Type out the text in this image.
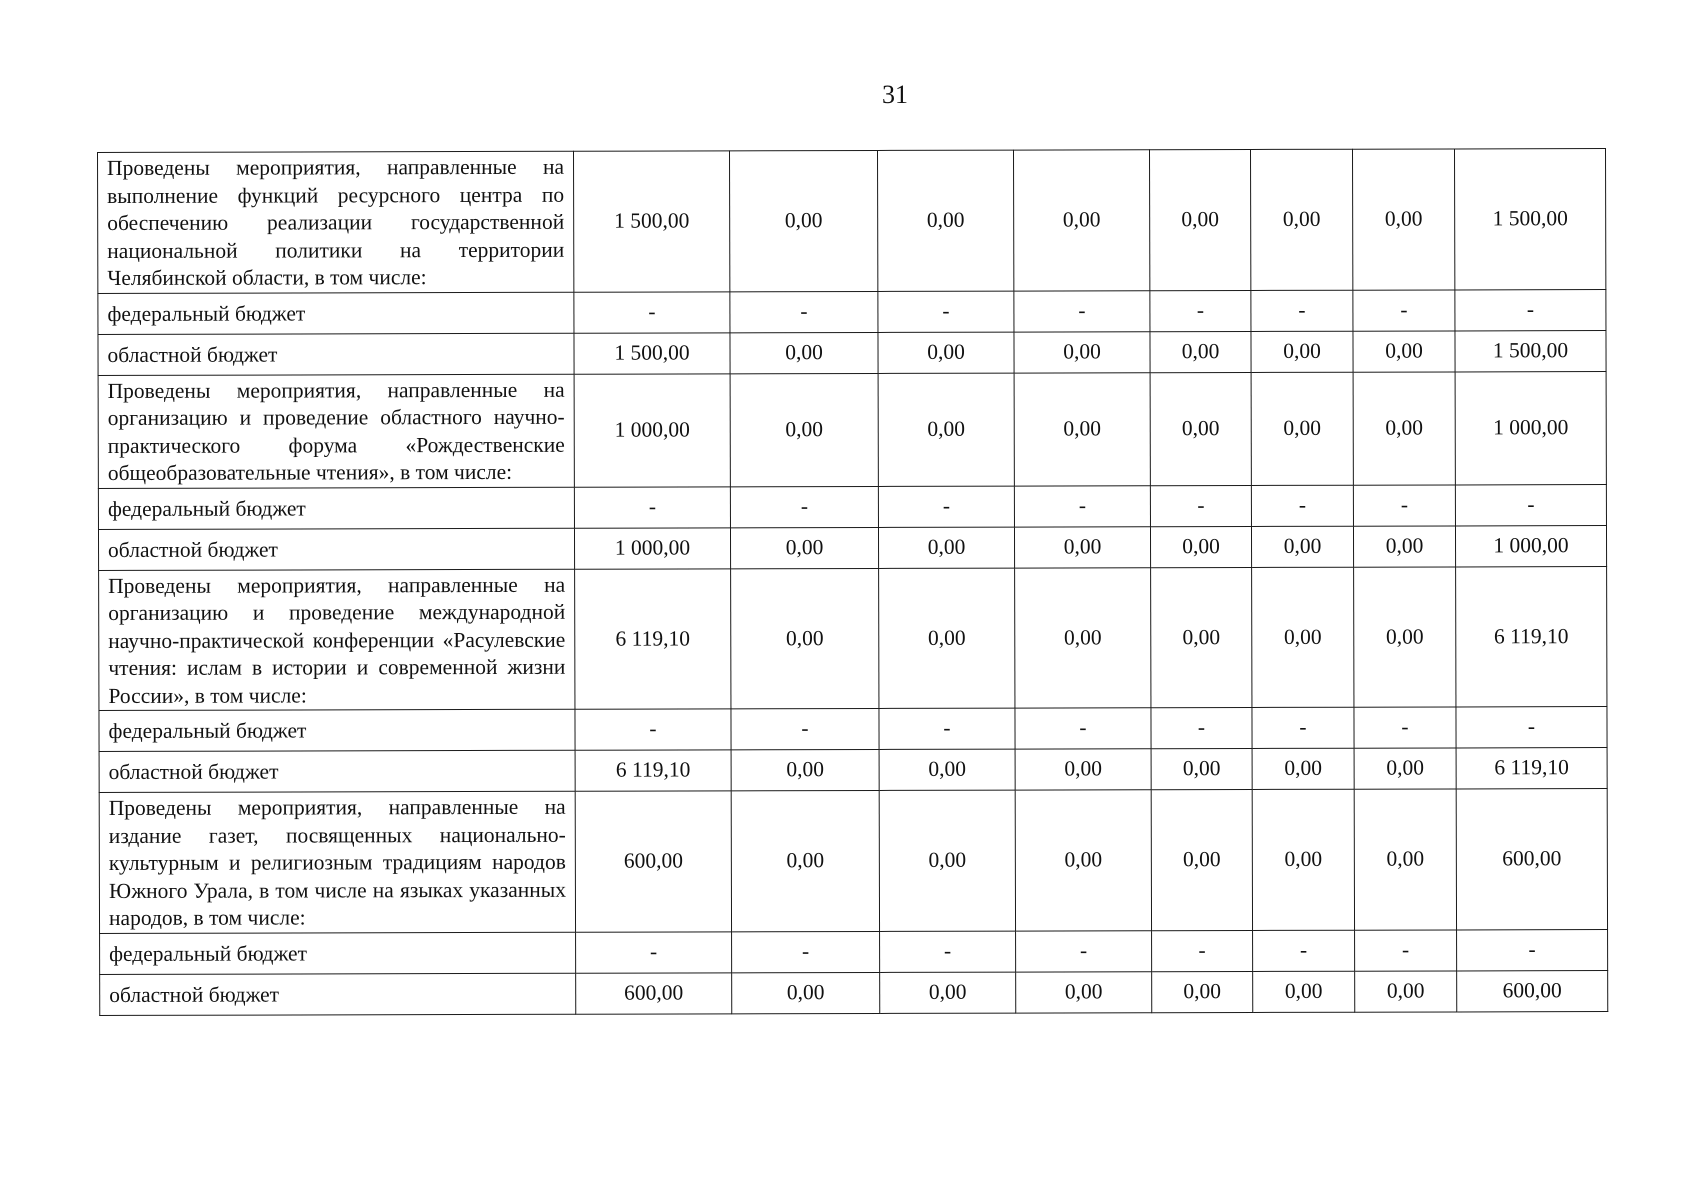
31
Проведены мероприятия, направленные на выполнение функций ресурсного центра по обеспечению реализации государственной национальной политики на территории Челябинской области, в том числе:	1 500,00	0,00	0,00	0,00	0,00	0,00	0,00	1 500,00
федеральный бюджет	-	-	-	-	-	-	-	-
областной бюджет	1 500,00	0,00	0,00	0,00	0,00	0,00	0,00	1 500,00
Проведены мероприятия, направленные на организацию и проведение областного научно-практического форума «Рождественские общеобразовательные чтения», в том числе:	1 000,00	0,00	0,00	0,00	0,00	0,00	0,00	1 000,00
федеральный бюджет	-	-	-	-	-	-	-	-
областной бюджет	1 000,00	0,00	0,00	0,00	0,00	0,00	0,00	1 000,00
Проведены мероприятия, направленные на организацию и проведение международной научно-практической конференции «Расулевские чтения: ислам в истории и современной жизни России», в том числе:	6 119,10	0,00	0,00	0,00	0,00	0,00	0,00	6 119,10
федеральный бюджет	-	-	-	-	-	-	-	-
областной бюджет	6 119,10	0,00	0,00	0,00	0,00	0,00	0,00	6 119,10
Проведены мероприятия, направленные на издание газет, посвященных национально-культурным и религиозным традициям народов Южного Урала, в том числе на языках указанных народов, в том числе:	600,00	0,00	0,00	0,00	0,00	0,00	0,00	600,00
федеральный бюджет	-	-	-	-	-	-	-	-
областной бюджет	600,00	0,00	0,00	0,00	0,00	0,00	0,00	600,00
